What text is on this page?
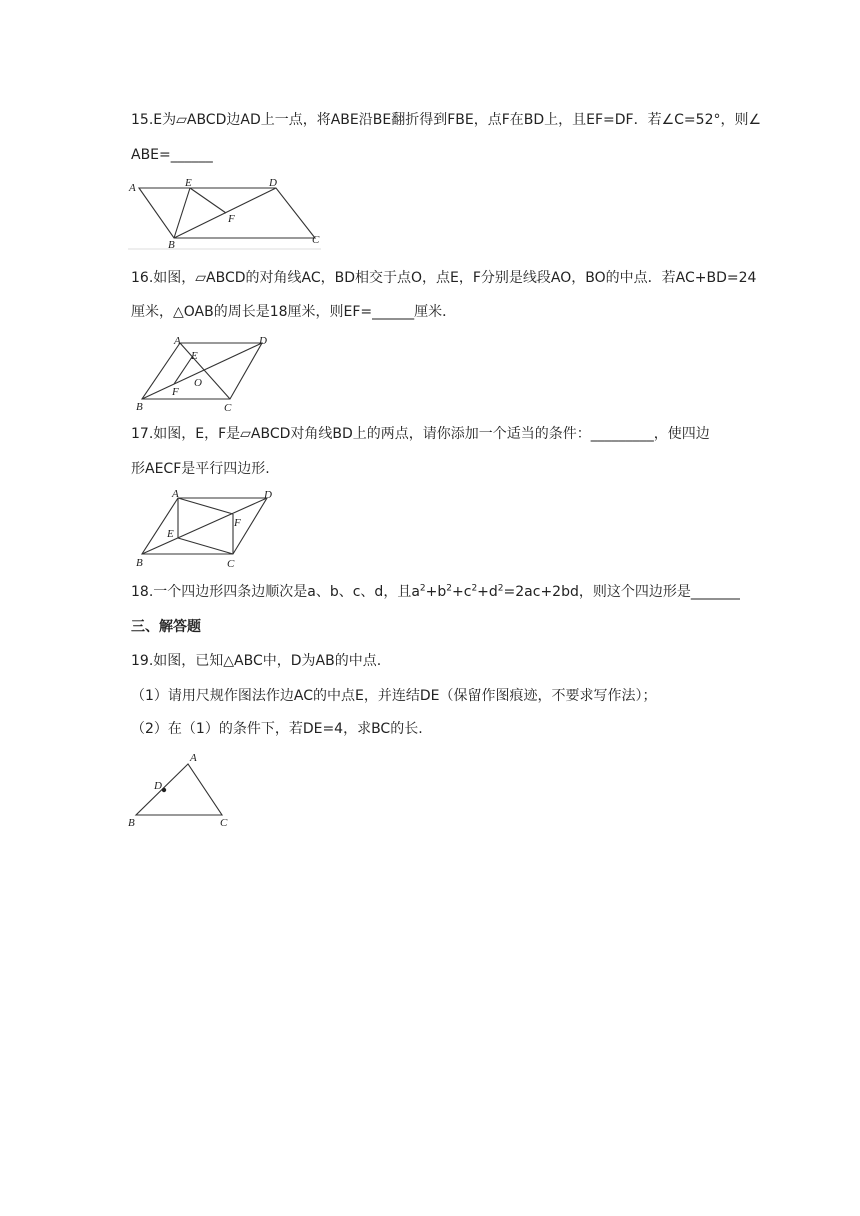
15.E为▱ABCD边AD上一点，将ABE沿BE翻折得到FBE，点F在BD上，且EF=DF．若∠C=52°，则∠
ABE=______
A	E	D
F
B	C
16.如图，▱ABCD的对角线AC，BD相交于点O，点E，F分别是线段AO，BO的中点．若AC+BD=24
厘米，△OAB的周长是18厘米，则EF=______厘米．
A	D
E
O
F
B	C
17.如图，E，F是▱ABCD对角线BD上的两点，请你添加一个适当的条件：_________，使四边
形AECF是平行四边形.
A	D
E
F
B	C
18.一个四边形四条边顺次是a、b、c、d，且$a^2+b^2+c^2+d^2=2ac+2bd$，则这个四边形是_______
三、解答题
19.如图，已知△ABC中，D为AB的中点.
（1）请用尺规作图法作边AC的中点E，并连结DE（保留作图痕迹，不要求写作法）；
（2）在（1）的条件下，若DE=4，求BC的长.
A
D
B	C
